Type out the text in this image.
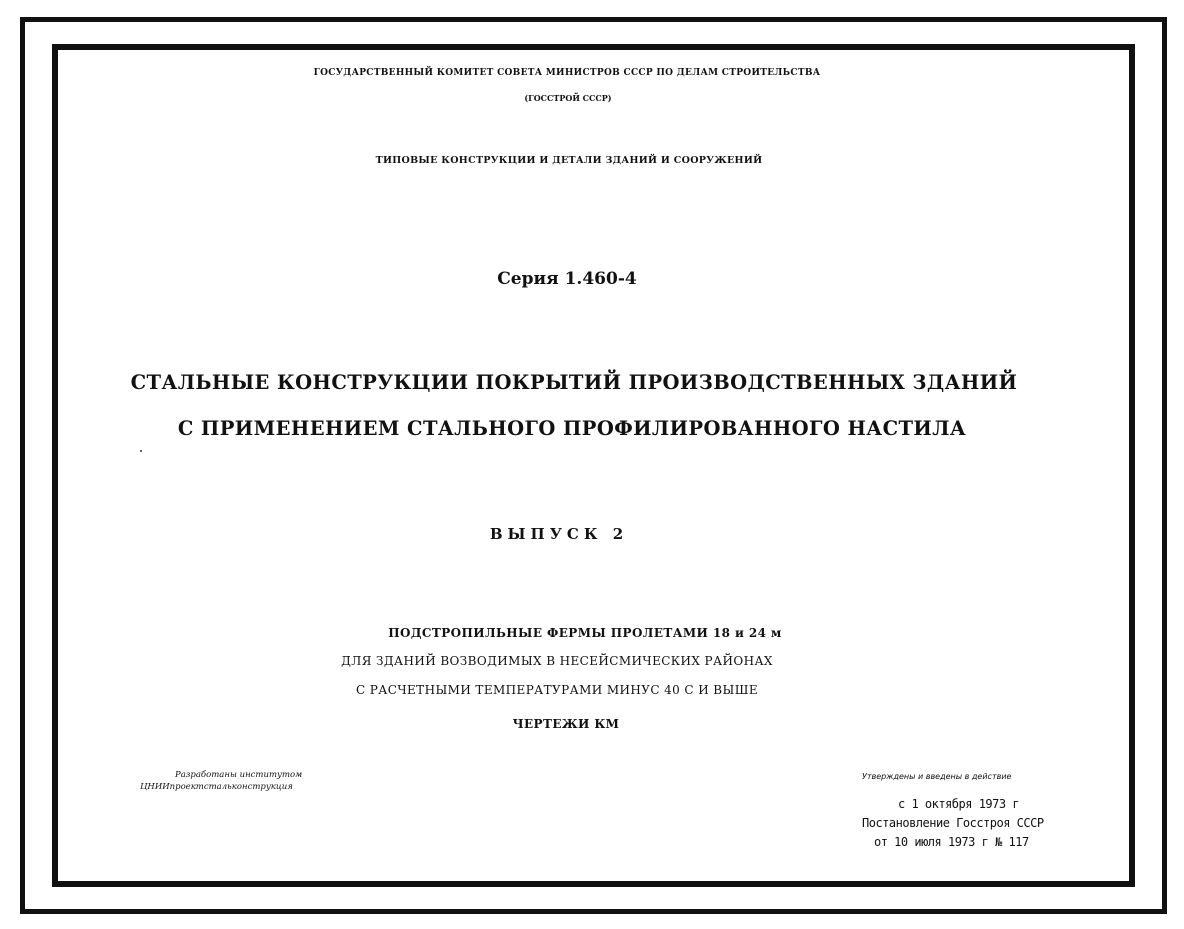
ГОСУДАРСТВЕННЫЙ КОМИТЕТ СОВЕТА МИНИСТРОВ СССР ПО ДЕЛАМ СТРОИТЕЛЬСТВА
(ГОССТРОЙ СССР)
ТИПОВЫЕ КОНСТРУКЦИИ И ДЕТАЛИ ЗДАНИЙ И СООРУЖЕНИЙ
Серия 1.460-4
СТАЛЬНЫЕ КОНСТРУКЦИИ ПОКРЫТИЙ ПРОИЗВОДСТВЕННЫХ ЗДАНИЙ
С ПРИМЕНЕНИЕМ СТАЛЬНОГО ПРОФИЛИРОВАННОГО НАСТИЛА
ВЫПУСК 2
ПОДСТРОПИЛЬНЫЕ ФЕРМЫ ПРОЛЕТАМИ 18 и 24 м
ДЛЯ ЗДАНИЙ ВОЗВОДИМЫХ В НЕСЕЙСМИЧЕСКИХ РАЙОНАХ
С РАСЧЕТНЫМИ ТЕМПЕРАТУРАМИ МИНУС 40 С И ВЫШЕ
ЧЕРТЕЖИ КМ
Разработаны институтом
ЦНИИпроектстальконструкция
Утверждены и введены в действие
с 1 октября 1973 г
Постановление Госстроя СССР
от 10 июля 1973 г № 117
